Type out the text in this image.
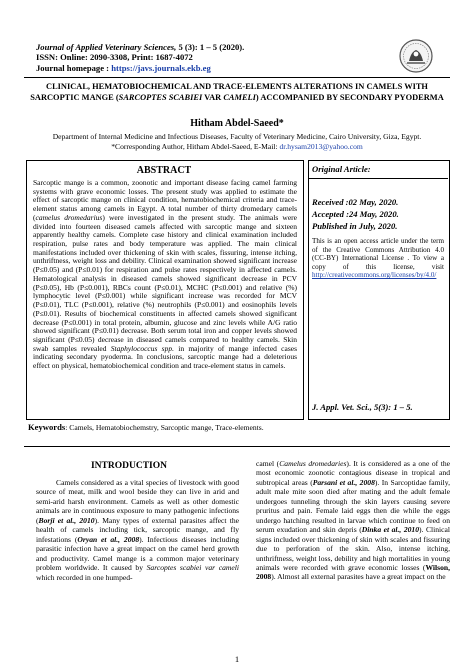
Journal of Applied Veterinary Sciences, 5 (3): 1 – 5 (2020).
ISSN: Online: 2090-3308, Print: 1687-4072
Journal homepage : https://javs.journals.ekb.eg
CLINICAL, HEMATOBIOCHEMICAL AND TRACE-ELEMENTS ALTERATIONS IN CAMELS WITH SARCOPTIC MANGE (SARCOPTES SCABIEI VAR CAMELI) ACCOMPANIED BY SECONDARY PYODERMA
Hitham Abdel-Saeed*
Department of Internal Medicine and Infectious Diseases, Faculty of Veterinary Medicine, Cairo University, Giza, Egypt.
*Corresponding Author, Hitham Abdel-Saeed, E-Mail: dr.hysam2013@yahoo.com
ABSTRACT
Sarcoptic mange is a common, zoonotic and important disease facing camel farming systems with grave economic losses. The present study was applied to estimate the effect of sarcoptic mange on clinical condition, hematobiochemical criteria and trace-element status among camels in Egypt. A total number of thirty dromedary camels (camelus dromedarius) were investigated in the present study. The animals were divided into fourteen diseased camels affected with sarcoptic mange and sixteen apparently healthy camels. Complete case history and clinical examination included respiration, pulse rates and body temperature was applied. The main clinical manifestations included over thickening of skin with scales, fissuring, intense itching, unthriftness, weight loss and debility. Clinical examination showed significant increase (P≤0.05) and (P≤0.01) for respiration and pulse rates respectively in affected camels. Hematological analysis in diseased camels showed significant decrease in PCV (P≤0.05), Hb (P≤0.001), RBCs count (P≤0.01), MCHC (P≤0.001) and relative (%) lymphocytic level (P≤0.001) while significant increase was recorded for MCV (P≤0.01), TLC (P≤0.001), relative (%) neutrophils (P≤0.001) and eosinophils levels (P≤0.01). Results of biochemical constituents in affected camels showed significant decrease (P≤0.001) in total protein, albumin, glucose and zinc levels while A/G ratio showed significant (P≤0.01) decrease. Both serum total iron and copper levels showed significant (P≤0.05) decrease in diseased camels compared to healthy camels. Skin swab samples revealed Staphylococcus spp. in majority of mange infected cases indicating secondary pyoderma. In conclusions, sarcoptic mange had a deleterious effect on physical, hematobiochemical condition and trace-element status in camels.
Original Article:
Received :02 May, 2020.
Accepted :24 May, 2020.
Published in July, 2020.
This is an open access article under the term of the Creative Commons Attribution 4.0 (CC-BY) International License . To view a copy of this license, visit http://creativecommons.org/licenses/by/4.0/
J. Appl. Vet. Sci., 5(3): 1 – 5.
Keywords: Camels, Hematobiochemstry, Sarcoptic mange, Trace-elements.
INTRODUCTION
Camels considered as a vital species of livestock with good source of meat, milk and wool beside they can live in arid and semi-arid harsh environment. Camels as well as other domestic animals are in continuous exposure to many pathogenic infections (Borji et al., 2010). Many types of external parasites affect the health of camels including tick, sarcoptic mange, and fly infestations (Oryan et al., 2008). Infectious diseases including parasitic infection have a great impact on the camel herd growth and productivity. Camel mange is a common major veterinary problem worldwide. It caused by Sarcoptes scabiei var cameli which recorded in one humped-
camel (Camelus dromedaries). It is considered as a one of the most economic zoonotic contagious disease in tropical and subtropical areas (Parsani et al., 2008). In Sarcoptidae family, adult male mite soon died after mating and the adult female undergoes tunneling through the skin layers causing severe pruritus and pain. Female laid eggs then die while the eggs undergo hatching resulted in larvae which continue to feed on serum exudation and skin depris (Dinka et al., 2010). Clinical signs included over thickening of skin with scales and fissuring due to perforation of the skin. Also, intense itching, unthriftness, weight loss, debility and high mortalities in young animals were recorded with grave economic losses (Wilson, 2008). Almost all external parasites have a great impact on the
1
